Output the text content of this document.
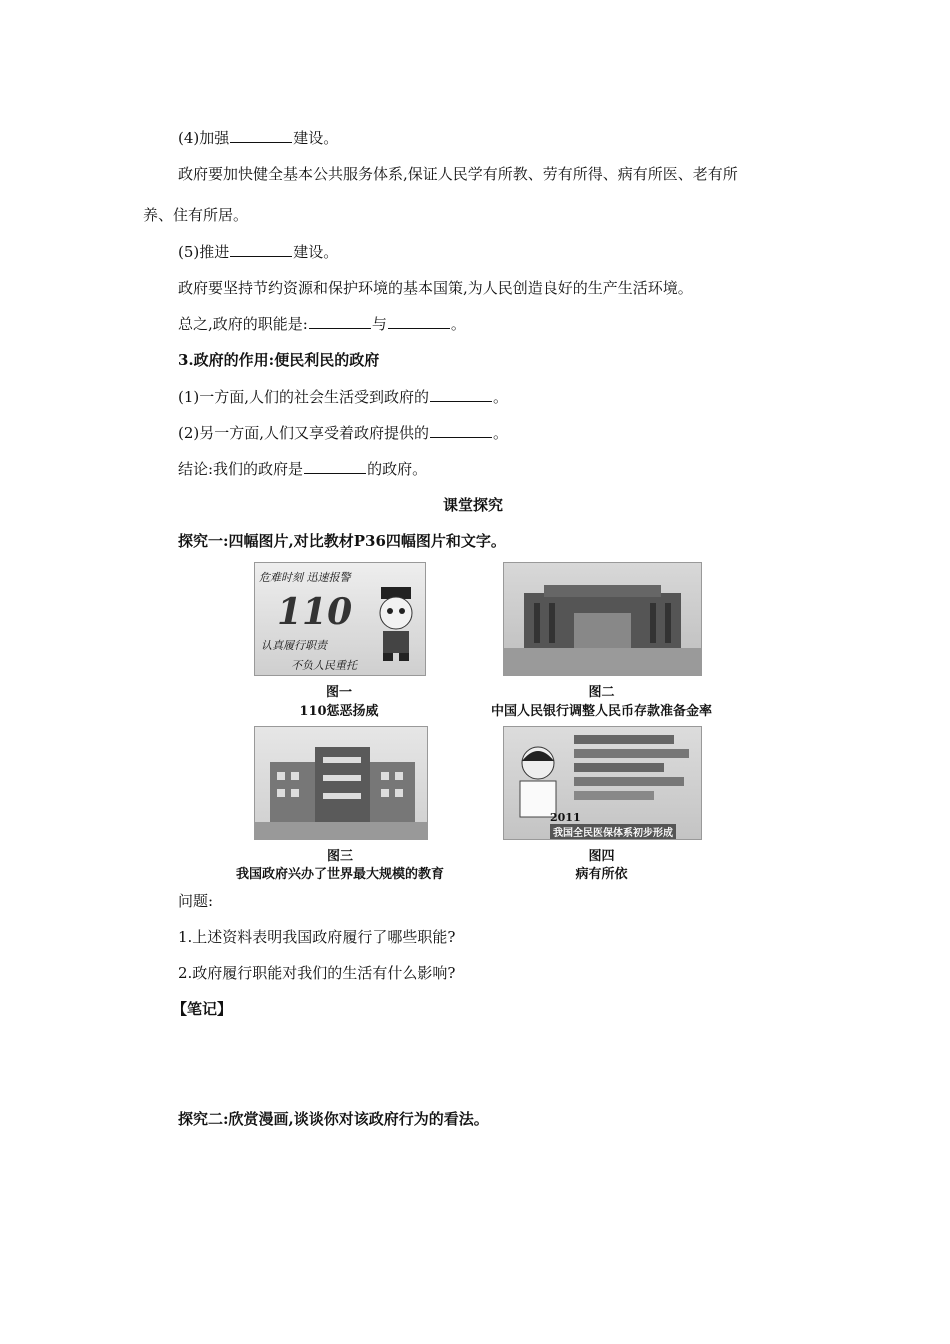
(4)加强	建设。
政府要加快健全基本公共服务体系,保证人民学有所教、劳有所得、病有所医、老有所
养、住有所居。
(5)推进	建设。
政府要坚持节约资源和保护环境的基本国策,为人民创造良好的生产生活环境。
总之,政府的职能是:	与	。
3.政府的作用:便民利民的政府
(1)一方面,人们的社会生活受到政府的	。
(2)另一方面,人们又享受着政府提供的	。
结论:我们的政府是	的政府。
课堂探究
探究一:四幅图片,对比教材P36四幅图片和文字。
危难时刻 迅速报警
110
认真履行职责
不负人民重托
图一
110惩恶扬威
图二
中国人民银行调整人民币存款准备金率
图三
我国政府兴办了世界最大规模的教育
2011
我国全民医保体系初步形成
图四
病有所依
问题:
1.上述资料表明我国政府履行了哪些职能?
2.政府履行职能对我们的生活有什么影响?
【笔记】
探究二:欣赏漫画,谈谈你对该政府行为的看法。
